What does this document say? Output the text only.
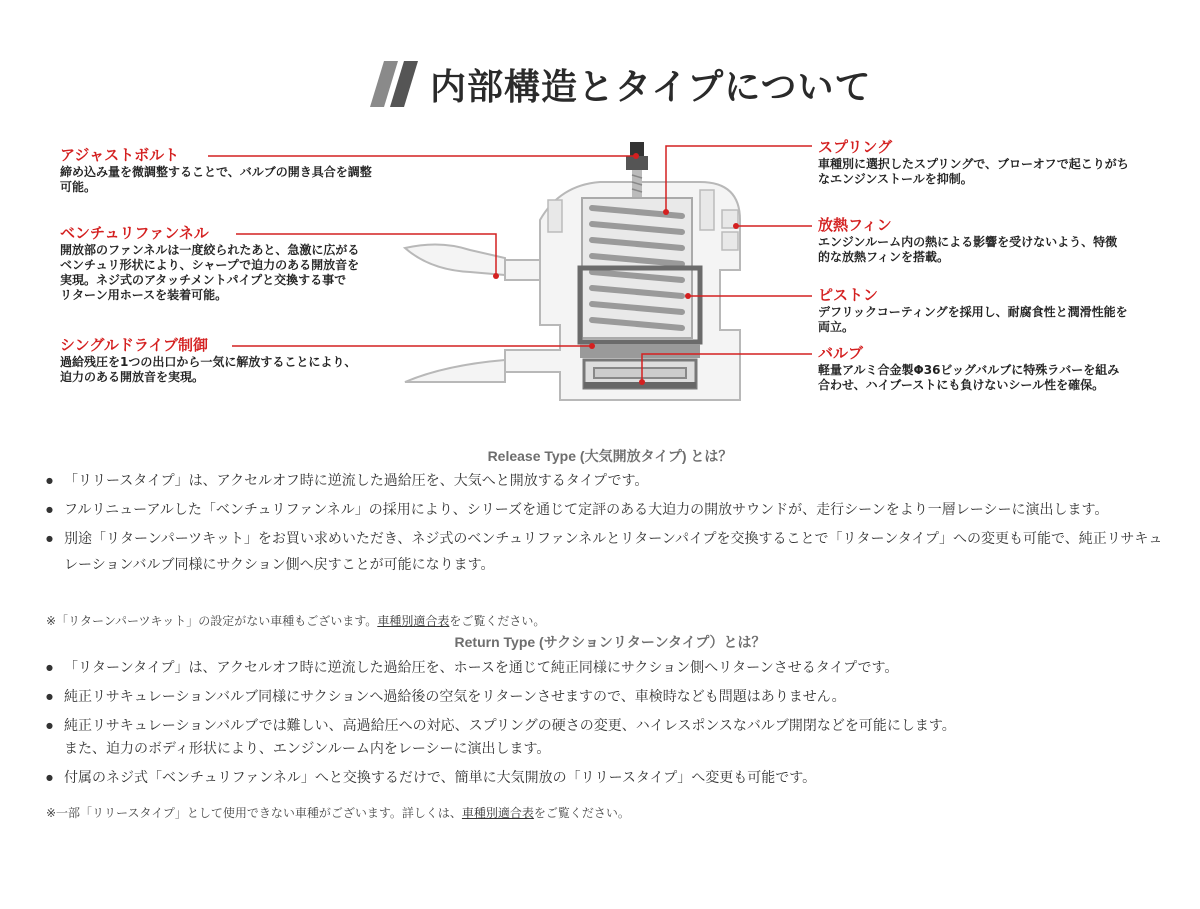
内部構造とタイプについて
アジャストボルト
締め込み量を微調整することで、バルブの開き具合を調整
可能。
ベンチュリファンネル
開放部のファンネルは一度絞られたあと、急激に広がる
ベンチュリ形状により、シャープで迫力のある開放音を
実現。ネジ式のアタッチメントパイプと交換する事で
リターン用ホースを装着可能。
シングルドライブ制御
過給残圧を1つの出口から一気に解放することにより、
迫力のある開放音を実現。
スプリング
車種別に選択したスプリングで、ブローオフで起こりがち
なエンジンストールを抑制。
放熱フィン
エンジンルーム内の熱による影響を受けないよう、特徴
的な放熱フィンを搭載。
ピストン
デフリックコーティングを採用し、耐腐食性と潤滑性能を
両立。
バルブ
軽量アルミ合金製Φ36ビッグバルブに特殊ラバーを組み
合わせ、ハイブーストにも負けないシール性を確保。
Release Type (大気開放タイプ) とは？
● 「リリースタイプ」は、アクセルオフ時に逆流した過給圧を、大気へと開放するタイプです。
● フルリニューアルした「ベンチュリファンネル」の採用により、シリーズを通じて定評のある大迫力の開放サウンドが、走行シーンをより一層レーシーに演出します。
● 別途「リターンパーツキット」をお買い求めいただき、ネジ式のベンチュリファンネルとリターンパイプを交換することで「リターンタイプ」への変更も可能で、純正リサキュレーションバルブ同様にサクション側へ戻すことが可能になります。
※「リターンパーツキット」の設定がない車種もございます。車種別適合表をご覧ください。
Return Type (サクションリターンタイプ）とは？
● 「リターンタイプ」は、アクセルオフ時に逆流した過給圧を、ホースを通じて純正同様にサクション側へリターンさせるタイプです。
● 純正リサキュレーションバルブ同様にサクションへ過給後の空気をリターンさせますので、車検時なども問題はありません。
● 純正リサキュレーションバルブでは難しい、高過給圧への対応、スプリングの硬さの変更、ハイレスポンスなバルブ開閉などを可能にします。
また、迫力のボディ形状により、エンジンルーム内をレーシーに演出します。
● 付属のネジ式「ベンチュリファンネル」へと交換するだけで、簡単に大気開放の「リリースタイプ」へ変更も可能です。
※一部「リリースタイプ」として使用できない車種がございます。詳しくは、車種別適合表をご覧ください。
